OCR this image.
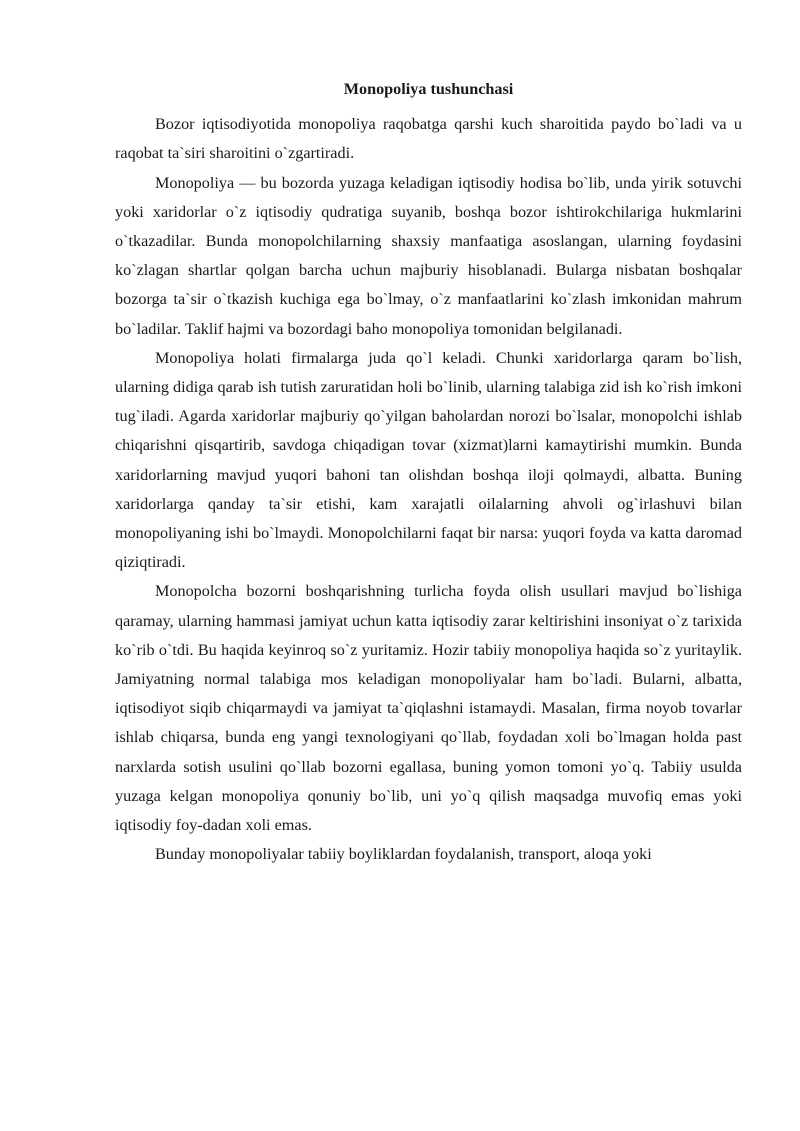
Monopoliya tushunchasi

Bozor iqtisodiyotida monopoliya raqobatga qarshi kuch sharoitida paydo bo`ladi va u raqobat ta`siri sharoitini o`zgartiradi.

Monopoliya — bu bozorda yuzaga keladigan iqtisodiy hodisa bo`lib, unda yirik sotuvchi yoki xaridorlar o`z iqtisodiy qudratiga suyanib, boshqa bozor ishtirokchilariga hukmlarini o`tkazadilar. Bunda monopolchilarning shaxsiy manfaatiga asoslangan, ularning foydasini ko`zlagan shartlar qolgan barcha uchun majburiy hisoblanadi. Bularga nisbatan boshqalar bozorga ta`sir o`tkazish kuchiga ega bo`lmay, o`z manfaatlarini ko`zlash imkonidan mahrum bo`ladilar. Taklif hajmi va bozordagi baho monopoliya tomonidan belgilanadi.

Monopoliya holati firmalarga juda qo`l keladi. Chunki xaridorlarga qaram bo`lish, ularning didiga qarab ish tutish zaruratidan holi bo`linib, ularning talabiga zid ish ko`rish imkoni tug`iladi. Agarda xaridorlar majburiy qo`yilgan baholardan norozi bo`lsalar, monopolchi ishlab chiqarishni qisqartirib, savdoga chiqadigan tovar (xizmat)larni kamaytirishi mumkin. Bunda xaridorlarning mavjud yuqori bahoni tan olishdan boshqa iloji qolmaydi, albatta. Buning xaridorlarga qanday ta`sir etishi, kam xarajatli oilalarning ahvoli og`irlashuvi bilan monopoliyaning ishi bo`lmaydi. Monopolchilarni faqat bir narsa: yuqori foyda va katta daromad qiziqtiradi.

Monopolcha bozorni boshqarishning turlicha foyda olish usullari mavjud bo`lishiga qaramay, ularning hammasi jamiyat uchun katta iqtisodiy zarar keltirishini insoniyat o`z tarixida ko`rib o`tdi. Bu haqida keyinroq so`z yuritamiz. Hozir tabiiy monopoliya haqida so`z yuritaylik. Jamiyatning normal talabiga mos keladigan monopoliyalar ham bo`ladi. Bularni, albatta, iqtisodiyot siqib chiqarmaydi va jamiyat ta`qiqlashni istamaydi. Masalan, firma noyob tovarlar ishlab chiqarsa, bunda eng yangi texnologiyani qo`llab, foydadan xoli bo`lmagan holda past narxlarda sotish usulini qo`llab bozorni egallasa, buning yomon tomoni yo`q. Tabiiy usulda yuzaga kelgan monopoliya qonuniy bo`lib, uni yo`q qilish maqsadga muvofiq emas yoki iqtisodiy foy-dadan xoli emas.

Bunday monopoliyalar tabiiy boyliklardan foydalanish, transport, aloqa yoki
